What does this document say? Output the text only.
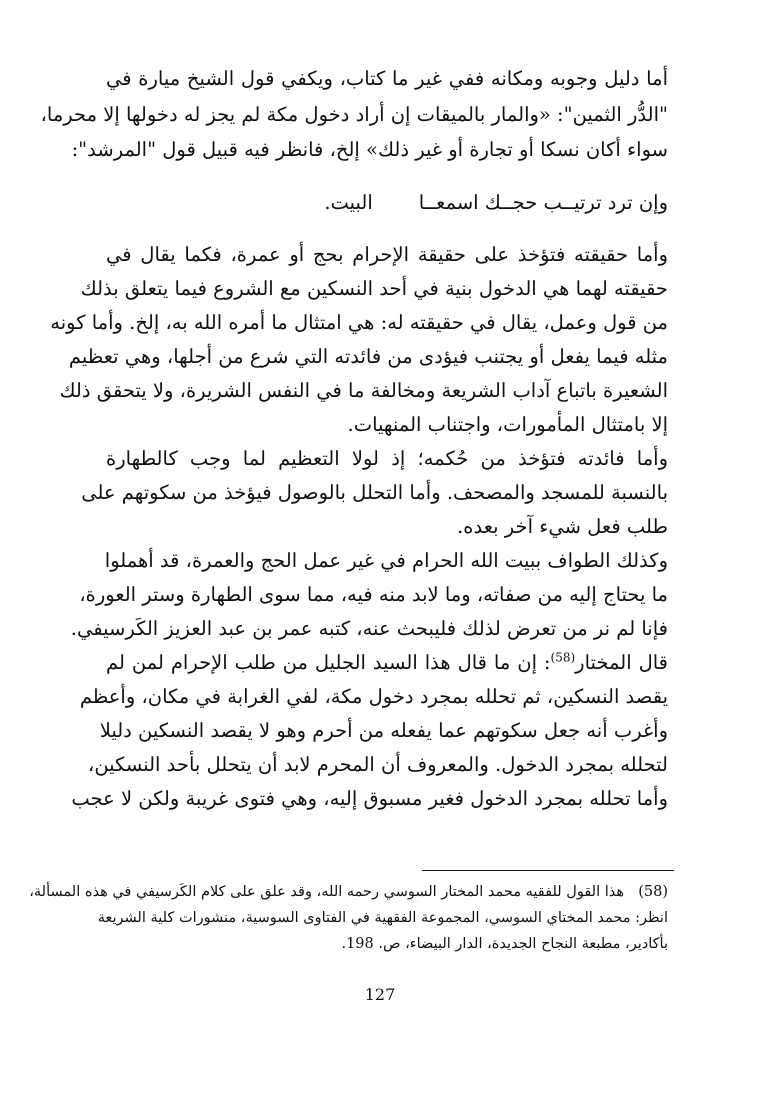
أما دليل وجوبه ومكانه ففي غير ما كتاب، ويكفي قول الشيخ ميارة في
"الدُّر الثمين": «والمار بالميقات إن أراد دخول مكة لم يجز له دخولها إلا محرما،
سواء أكان نسكا أو تجارة أو غير ذلك» إلخ، فانظر فيه قبيل قول "المرشد":
وإن ترد ترتيــب حجــك اسمعــاالبيت.
وأما حقيقته فتؤخذ على حقيقة الإحرام بحج أو عمرة، فكما يقال في
حقيقته لهما هي الدخول بنية في أحد النسكين مع الشروع فيما يتعلق بذلك
من قول وعمل، يقال في حقيقته له: هي امتثال ما أمره الله به، إلخ. وأما كونه
مثله فيما يفعل أو يجتنب فيؤدى من فائدته التي شرع من أجلها، وهي تعظيم
الشعيرة باتباع آداب الشريعة ومخالفة ما في النفس الشريرة، ولا يتحقق ذلك
إلا بامتثال المأمورات، واجتناب المنهيات.
وأما فائدته فتؤخذ من حُكمه؛ إذ لولا التعظيم لما وجب كالطهارة
بالنسبة للمسجد والمصحف. وأما التحلل بالوصول فيؤخذ من سكوتهم على
طلب فعل شيء آخر بعده.
وكذلك الطواف ببيت الله الحرام في غير عمل الحج والعمرة، قد أهملوا
ما يحتاج إليه من صفاته، وما لابد منه فيه، مما سوى الطهارة وستر العورة،
فإنا لم نر من تعرض لذلك فليبحث عنه، كتبه عمر بن عبد العزيز الكَرسيفي.
قال المختار$^{(58)}$: إن ما قال هذا السيد الجليل من طلب الإحرام لمن لم
يقصد النسكين، ثم تحلله بمجرد دخول مكة، لفي الغرابة في مكان، وأعظم
وأغرب أنه جعل سكوتهم عما يفعله من أحرم وهو لا يقصد النسكين دليلا
لتحلله بمجرد الدخول. والمعروف أن المحرم لابد أن يتحلل بأحد النسكين،
وأما تحلله بمجرد الدخول فغير مسبوق إليه، وهي فتوى غريبة ولكن لا عجب
(58)
هذا القول للفقيه محمد المختار السوسي رحمه الله، وقد علق على كلام الكَرسيفي في هذه المسألة،
انظر: محمد المختاي السوسي، المجموعة الفقهية في الفتاوى السوسية، منشورات كلية الشريعة
بأكادير، مطبعة النجاح الجديدة، الدار البيضاء، ص. 198.
127
